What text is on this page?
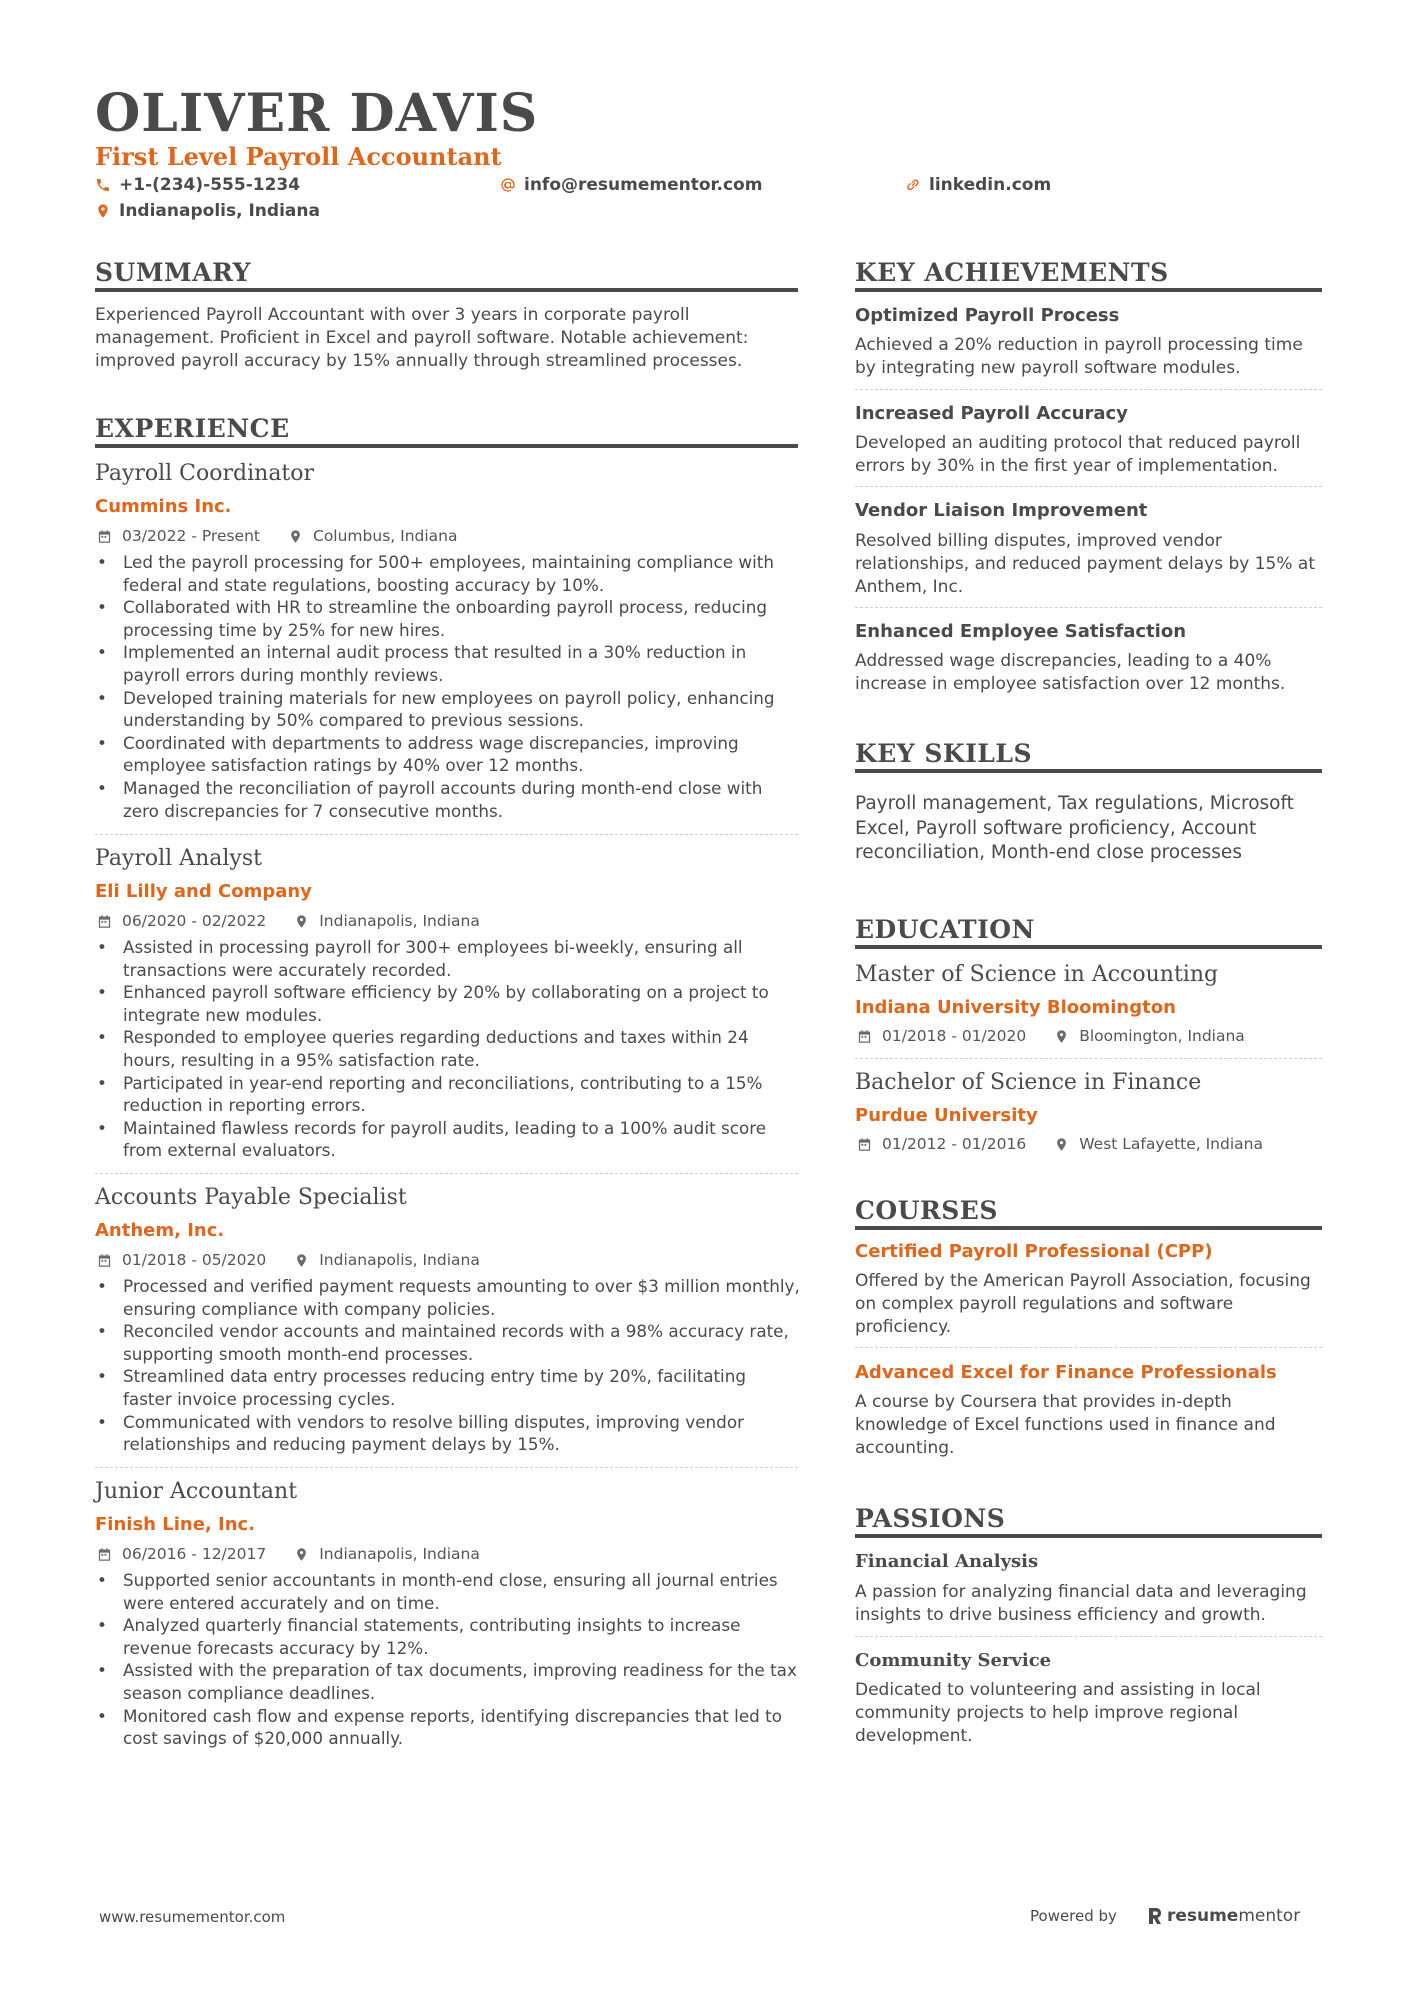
OLIVER DAVIS
First Level Payroll Accountant
+1-(234)-555-1234	info@resumementor.com	linkedin.com
Indianapolis, Indiana
SUMMARY
Experienced Payroll Accountant with over 3 years in corporate payroll management. Proficient in Excel and payroll software. Notable achievement: improved payroll accuracy by 15% annually through streamlined processes.
EXPERIENCE
Payroll Coordinator
Cummins Inc.
03/2022 - Present	Columbus, Indiana
• Led the payroll processing for 500+ employees, maintaining compliance with federal and state regulations, boosting accuracy by 10%.
• Collaborated with HR to streamline the onboarding payroll process, reducing processing time by 25% for new hires.
• Implemented an internal audit process that resulted in a 30% reduction in payroll errors during monthly reviews.
• Developed training materials for new employees on payroll policy, enhancing understanding by 50% compared to previous sessions.
• Coordinated with departments to address wage discrepancies, improving employee satisfaction ratings by 40% over 12 months.
• Managed the reconciliation of payroll accounts during month-end close with zero discrepancies for 7 consecutive months.
Payroll Analyst
Eli Lilly and Company
06/2020 - 02/2022	Indianapolis, Indiana
• Assisted in processing payroll for 300+ employees bi-weekly, ensuring all transactions were accurately recorded.
• Enhanced payroll software efficiency by 20% by collaborating on a project to integrate new modules.
• Responded to employee queries regarding deductions and taxes within 24 hours, resulting in a 95% satisfaction rate.
• Participated in year-end reporting and reconciliations, contributing to a 15% reduction in reporting errors.
• Maintained flawless records for payroll audits, leading to a 100% audit score from external evaluators.
Accounts Payable Specialist
Anthem, Inc.
01/2018 - 05/2020	Indianapolis, Indiana
• Processed and verified payment requests amounting to over $3 million monthly, ensuring compliance with company policies.
• Reconciled vendor accounts and maintained records with a 98% accuracy rate, supporting smooth month-end processes.
• Streamlined data entry processes reducing entry time by 20%, facilitating faster invoice processing cycles.
• Communicated with vendors to resolve billing disputes, improving vendor relationships and reducing payment delays by 15%.
Junior Accountant
Finish Line, Inc.
06/2016 - 12/2017	Indianapolis, Indiana
• Supported senior accountants in month-end close, ensuring all journal entries were entered accurately and on time.
• Analyzed quarterly financial statements, contributing insights to increase revenue forecasts accuracy by 12%.
• Assisted with the preparation of tax documents, improving readiness for the tax season compliance deadlines.
• Monitored cash flow and expense reports, identifying discrepancies that led to cost savings of $20,000 annually.
KEY ACHIEVEMENTS
Optimized Payroll Process
Achieved a 20% reduction in payroll processing time by integrating new payroll software modules.
Increased Payroll Accuracy
Developed an auditing protocol that reduced payroll errors by 30% in the first year of implementation.
Vendor Liaison Improvement
Resolved billing disputes, improved vendor relationships, and reduced payment delays by 15% at Anthem, Inc.
Enhanced Employee Satisfaction
Addressed wage discrepancies, leading to a 40% increase in employee satisfaction over 12 months.
KEY SKILLS
Payroll management, Tax regulations, Microsoft Excel, Payroll software proficiency, Account reconciliation, Month-end close processes
EDUCATION
Master of Science in Accounting
Indiana University Bloomington
01/2018 - 01/2020	Bloomington, Indiana
Bachelor of Science in Finance
Purdue University
01/2012 - 01/2016	West Lafayette, Indiana
COURSES
Certified Payroll Professional (CPP)
Offered by the American Payroll Association, focusing on complex payroll regulations and software proficiency.
Advanced Excel for Finance Professionals
A course by Coursera that provides in-depth knowledge of Excel functions used in finance and accounting.
PASSIONS
Financial Analysis
A passion for analyzing financial data and leveraging insights to drive business efficiency and growth.
Community Service
Dedicated to volunteering and assisting in local community projects to help improve regional development.
www.resumementor.com	Powered by	resume mentor
